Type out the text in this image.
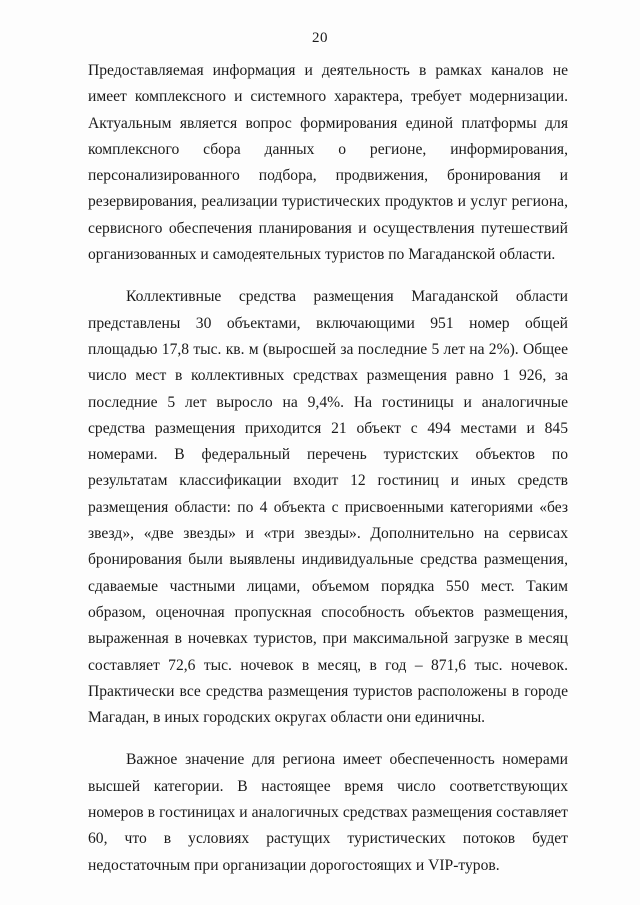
20

Предоставляемая информация и деятельность в рамках каналов не имеет комплексного и системного характера, требует модернизации. Актуальным является вопрос формирования единой платформы для комплексного сбора данных о регионе, информирования, персонализированного подбора, продвижения, бронирования и резервирования, реализации туристических продуктов и услуг региона, сервисного обеспечения планирования и осуществления путешествий организованных и самодеятельных туристов по Магаданской области.

Коллективные средства размещения Магаданской области представлены 30 объектами, включающими 951 номер общей площадью 17,8 тыс. кв. м (выросшей за последние 5 лет на 2%). Общее число мест в коллективных средствах размещения равно 1 926, за последние 5 лет выросло на 9,4%. На гостиницы и аналогичные средства размещения приходится 21 объект с 494 местами и 845 номерами. В федеральный перечень туристских объектов по результатам классификации входит 12 гостиниц и иных средств размещения области: по 4 объекта с присвоенными категориями «без звезд», «две звезды» и «три звезды». Дополнительно на сервисах бронирования были выявлены индивидуальные средства размещения, сдаваемые частными лицами, объемом порядка 550 мест. Таким образом, оценочная пропускная способность объектов размещения, выраженная в ночевках туристов, при максимальной загрузке в месяц составляет 72,6 тыс. ночевок в месяц, в год – 871,6 тыс. ночевок. Практически все средства размещения туристов расположены в городе Магадан, в иных городских округах области они единичны.

Важное значение для региона имеет обеспеченность номерами высшей категории. В настоящее время число соответствующих номеров в гостиницах и аналогичных средствах размещения составляет 60, что в условиях растущих туристических потоков будет недостаточным при организации дорогостоящих и VIP-туров.
